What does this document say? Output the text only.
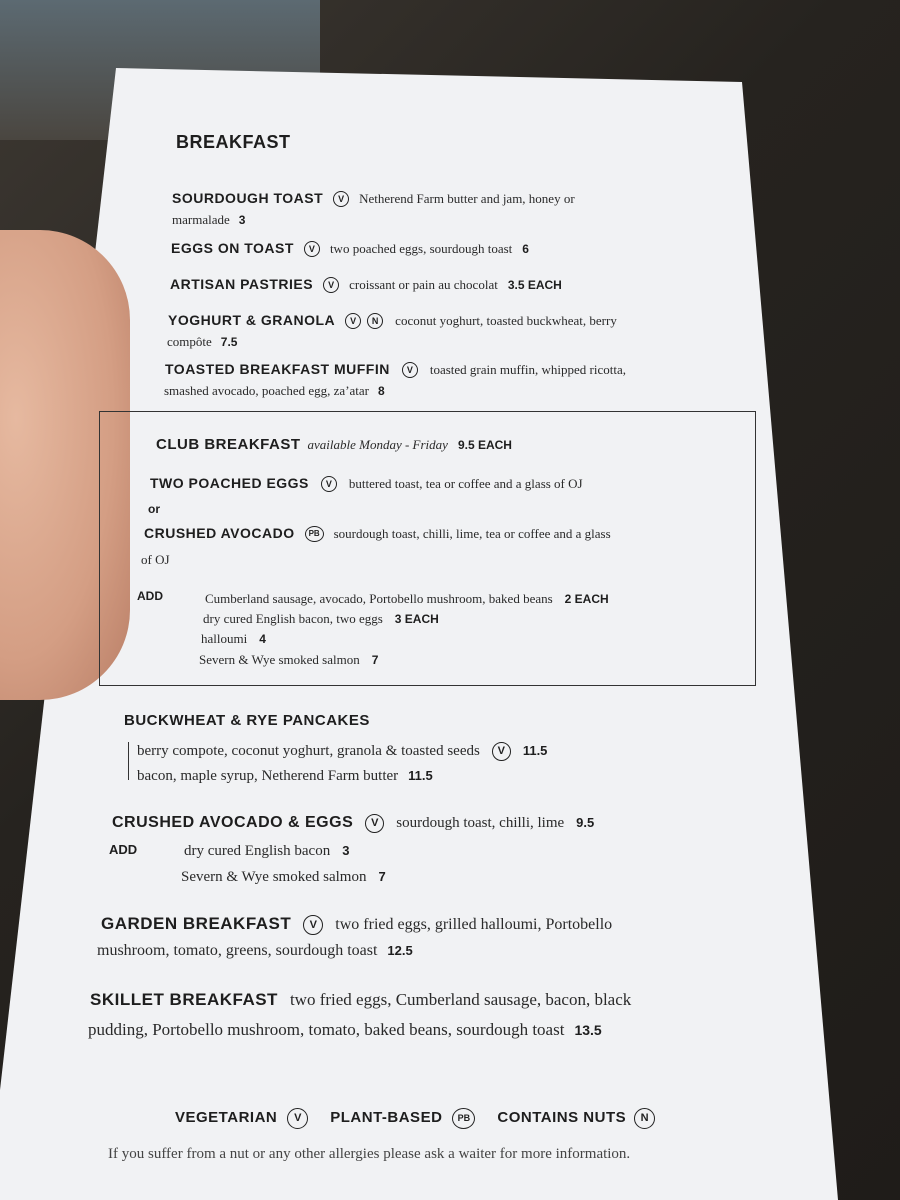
BREAKFAST
SOURDOUGH TOAST V Netherend Farm butter and jam, honey or
marmalade 3
EGGS ON TOAST V two poached eggs, sourdough toast 6
ARTISAN PASTRIES V croissant or pain au chocolat 3.5 EACH
YOGHURT & GRANOLA V N coconut yoghurt, toasted buckwheat, berry
compôte 7.5
TOASTED BREAKFAST MUFFIN V toasted grain muffin, whipped ricotta,
smashed avocado, poached egg, za’atar 8
CLUB BREAKFAST available Monday - Friday 9.5 EACH
TWO POACHED EGGS V buttered toast, tea or coffee and a glass of OJ
or
CRUSHED AVOCADO PB sourdough toast, chilli, lime, tea or coffee and a glass
of OJ
ADD	Cumberland sausage, avocado, Portobello mushroom, baked beans 2 EACH
dry cured English bacon, two eggs 3 EACH
halloumi 4
Severn & Wye smoked salmon 7
BUCKWHEAT & RYE PANCAKES
berry compote, coconut yoghurt, granola & toasted seeds V 11.5
bacon, maple syrup, Netherend Farm butter 11.5
CRUSHED AVOCADO & EGGS V sourdough toast, chilli, lime 9.5
ADD	dry cured English bacon 3
Severn & Wye smoked salmon 7
GARDEN BREAKFAST V two fried eggs, grilled halloumi, Portobello
mushroom, tomato, greens, sourdough toast 12.5
SKILLET BREAKFAST two fried eggs, Cumberland sausage, bacon, black
pudding, Portobello mushroom, tomato, baked beans, sourdough toast 13.5
VEGETARIAN V PLANT-BASED PB CONTAINS NUTS N
If you suffer from a nut or any other allergies please ask a waiter for more information.
